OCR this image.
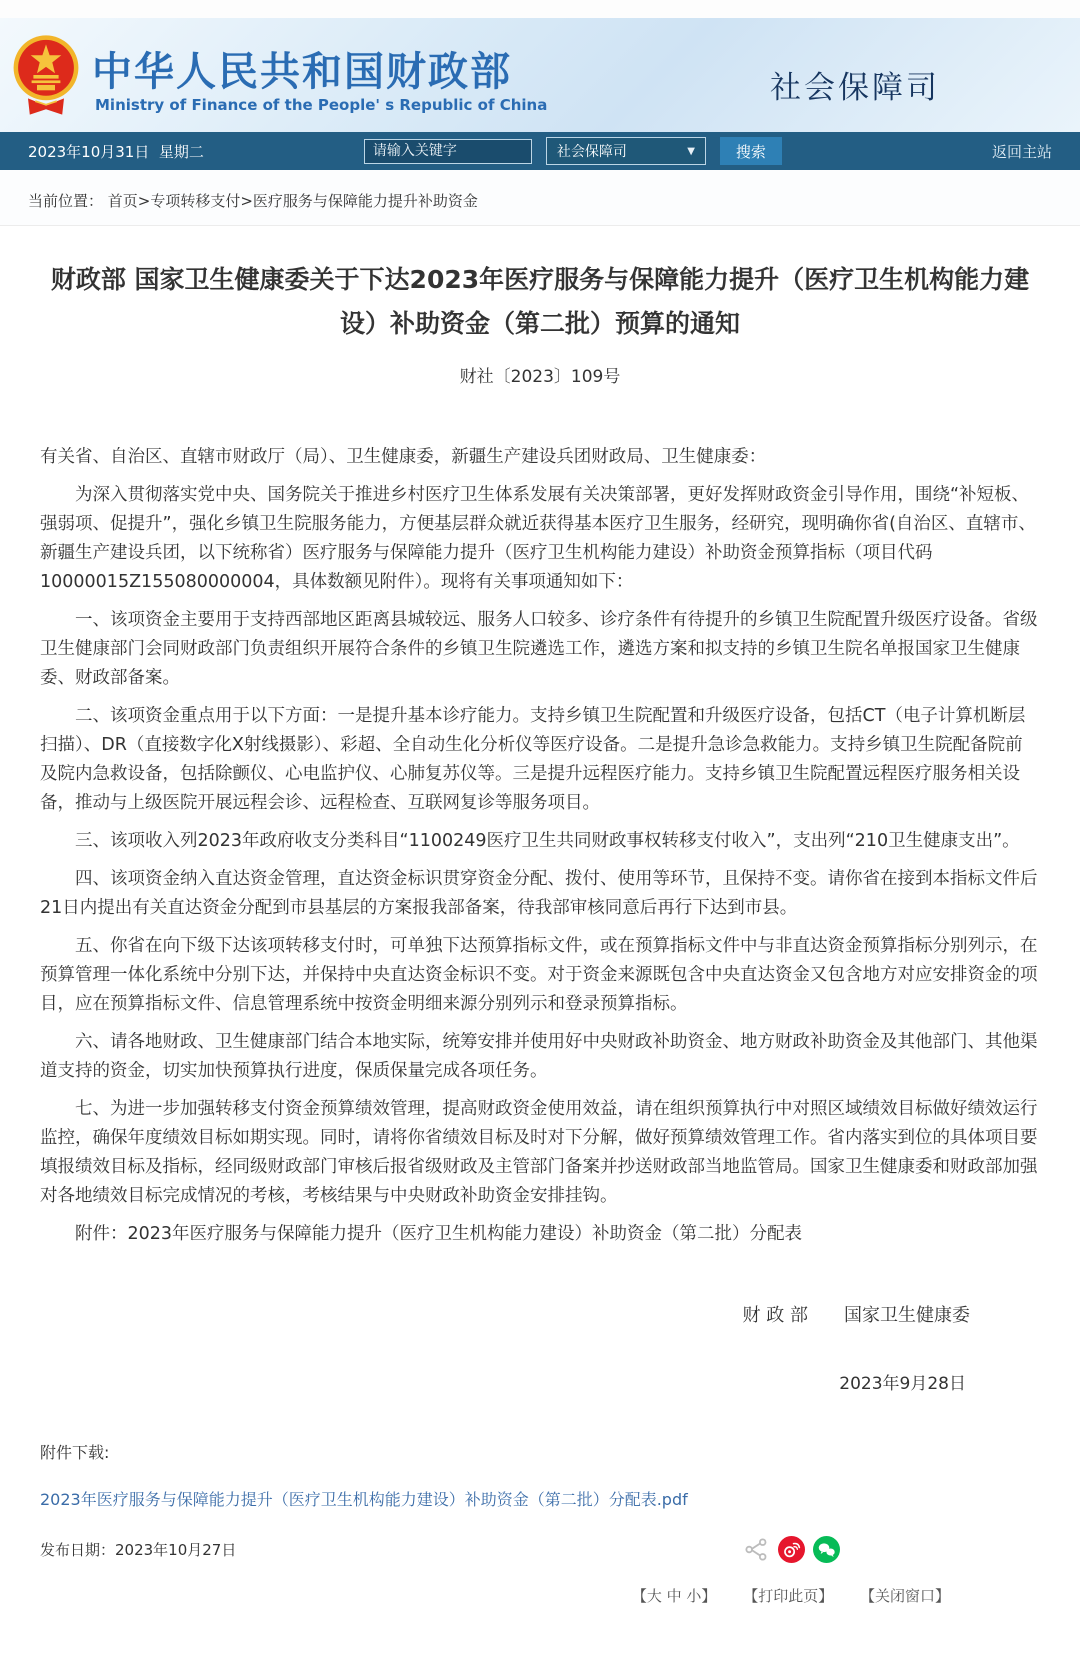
中华人民共和国财政部
Ministry of Finance of the People' s Republic of China	社会保障司
2023年10月31日  星期二
请输入关键字	社会保障司	▼	搜索	返回主站
当前位置： 首页>专项转移支付>医疗服务与保障能力提升补助资金
财政部 国家卫生健康委关于下达2023年医疗服务与保障能力提升（医疗卫生机构能力建设）补助资金（第二批）预算的通知
财社〔2023〕109号

有关省、自治区、直辖市财政厅（局）、卫生健康委，新疆生产建设兵团财政局、卫生健康委：

为深入贯彻落实党中央、国务院关于推进乡村医疗卫生体系发展有关决策部署，更好发挥财政资金引导作用，围绕“补短板、强弱项、促提升”，强化乡镇卫生院服务能力，方便基层群众就近获得基本医疗卫生服务，经研究，现明确你省(自治区、直辖市、新疆生产建设兵团，以下统称省）医疗服务与保障能力提升（医疗卫生机构能力建设）补助资金预算指标（项目代码10000015Z155080000004，具体数额见附件）。现将有关事项通知如下：

一、该项资金主要用于支持西部地区距离县城较远、服务人口较多、诊疗条件有待提升的乡镇卫生院配置升级医疗设备。省级卫生健康部门会同财政部门负责组织开展符合条件的乡镇卫生院遴选工作，遴选方案和拟支持的乡镇卫生院名单报国家卫生健康委、财政部备案。

二、该项资金重点用于以下方面：一是提升基本诊疗能力。支持乡镇卫生院配置和升级医疗设备，包括CT（电子计算机断层扫描）、DR（直接数字化X射线摄影）、彩超、全自动生化分析仪等医疗设备。二是提升急诊急救能力。支持乡镇卫生院配备院前及院内急救设备，包括除颤仪、心电监护仪、心肺复苏仪等。三是提升远程医疗能力。支持乡镇卫生院配置远程医疗服务相关设备，推动与上级医院开展远程会诊、远程检查、互联网复诊等服务项目。

三、该项收入列2023年政府收支分类科目“1100249医疗卫生共同财政事权转移支付收入”，支出列“210卫生健康支出”。

四、该项资金纳入直达资金管理，直达资金标识贯穿资金分配、拨付、使用等环节，且保持不变。请你省在接到本指标文件后21日内提出有关直达资金分配到市县基层的方案报我部备案，待我部审核同意后再行下达到市县。

五、你省在向下级下达该项转移支付时，可单独下达预算指标文件，或在预算指标文件中与非直达资金预算指标分别列示，在预算管理一体化系统中分别下达，并保持中央直达资金标识不变。对于资金来源既包含中央直达资金又包含地方对应安排资金的项目，应在预算指标文件、信息管理系统中按资金明细来源分别列示和登录预算指标。

六、请各地财政、卫生健康部门结合本地实际，统筹安排并使用好中央财政补助资金、地方财政补助资金及其他部门、其他渠道支持的资金，切实加快预算执行进度，保质保量完成各项任务。

七、为进一步加强转移支付资金预算绩效管理，提高财政资金使用效益，请在组织预算执行中对照区域绩效目标做好绩效运行监控，确保年度绩效目标如期实现。同时，请将你省绩效目标及时对下分解，做好预算绩效管理工作。省内落实到位的具体项目要填报绩效目标及指标，经同级财政部门审核后报省级财政及主管部门备案并抄送财政部当地监管局。国家卫生健康委和财政部加强对各地绩效目标完成情况的考核，考核结果与中央财政补助资金安排挂钩。

附件：2023年医疗服务与保障能力提升（医疗卫生机构能力建设）补助资金（第二批）分配表

财 政 部　　国家卫生健康委
2023年9月28日
附件下载:
2023年医疗服务与保障能力提升（医疗卫生机构能力建设）补助资金（第二批）分配表.pdf
发布日期：2023年10月27日
【大 中 小】 【打印此页】 【关闭窗口】
